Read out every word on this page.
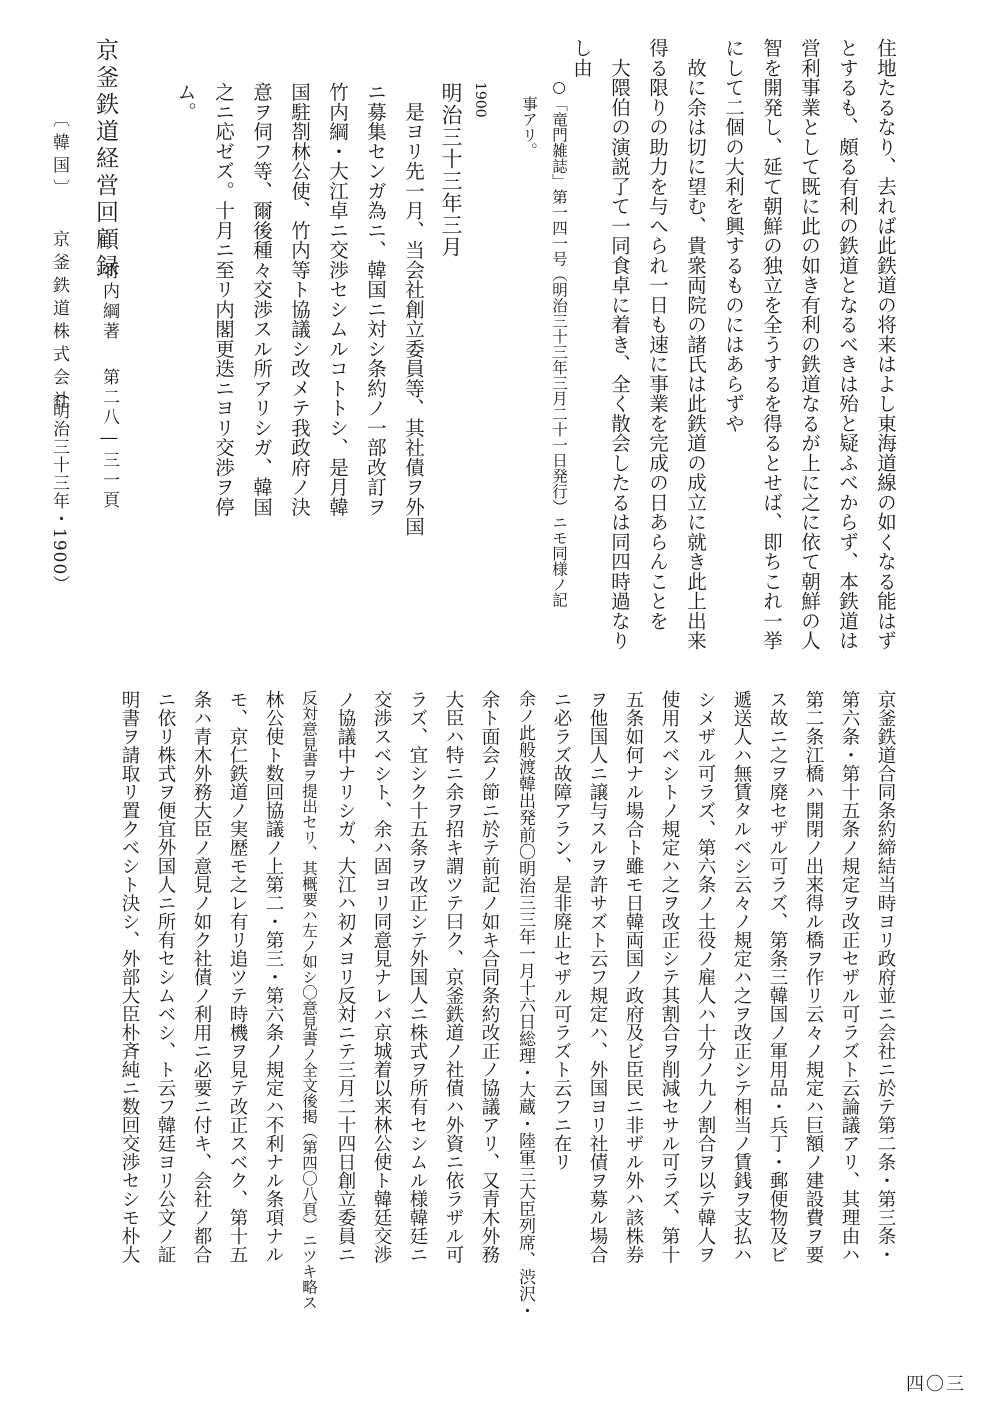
住地たるなり、去れば此鉄道の将来はよし東海道線の如くなる能はず
とするも、頗る有利の鉄道となるべきは殆と疑ふべからず、本鉄道は
営利事業として既に此の如き有利の鉄道なるが上に之に依て朝鮮の人
智を開発し、延て朝鮮の独立を全うするを得るとせば、即ちこれ一挙
にして二個の大利を興するものにはあらずや
　故に余は切に望む、貴衆両院の諸氏は此鉄道の成立に就き此上出来
得る限りの助力を与へられ一日も速に事業を完成の日あらんことを
　大隈伯の演説了て一同食卓に着き、全く散会したるは同四時過なり
し由
○「竜門雑誌」第一四一号（明治三十三年三月二十一日発行）ニモ同様ノ記
事アリ。
1900
明治三十三年三月
　是ヨリ先一月、当会社創立委員等、其社債ヲ外国
ニ募集センガ為ニ、韓国ニ対シ条約ノ一部改訂ヲ
竹内綱・大江卓ニ交渉セシムルコトトシ、是月韓
国駐剳林公使、竹内等ト協議シ改メテ我政府ノ決
意ヲ伺フ等、爾後種々交渉スル所アリシガ、韓国
之ニ応ゼズ。十月ニ至リ内閣更迭ニヨリ交渉ヲ停
ム。
京釜鉄道経営回顧録
竹内綱著
第二八―三一頁
〔韓国〕
京釜鉄道株式会社
（明治三十三年・1900）
京釜鉄道合同条約締結当時ヨリ政府並ニ会社ニ於テ第二条・第三条・
第六条・第十五条ノ規定ヲ改正セザル可ラズト云論議アリ、其理由ハ
第二条江橋ハ開閉ノ出来得ル橋ヲ作リ云々ノ規定ハ巨額ノ建設費ヲ要
ス故ニ之ヲ廃セザル可ラズ、第条三韓国ノ軍用品・兵丁・郵便物及ビ
遞送人ハ無賃タルベシ云々ノ規定ハ之ヲ改正シテ相当ノ賃銭ヲ支払ハ
シメザル可ラズ、第六条ノ土役ノ雇人ハ十分ノ九ノ割合ヲ以テ韓人ヲ
使用スベシトノ規定ハ之ヲ改正シテ其割合ヲ削減セサル可ラズ、第十
五条如何ナル場合ト雖モ日韓両国ノ政府及ビ臣民ニ非ザル外ハ該株券
ヲ他国人ニ譲与スルヲ許サズト云フ規定ハ、外国ヨリ社債ヲ募ル場合
ニ必ラズ故障アラン、是非廃止セザル可ラズト云フニ在リ
余ノ此般渡韓出発前〇明治三三年一月十六日総理・大蔵・陸軍三大臣列席、渋沢・
余ト面会ノ節ニ於テ前記ノ如キ合同条約改正ノ協議アリ、又青木外務
大臣ハ特ニ余ヲ招キ謂ツテ曰ク、京釜鉄道ノ社債ハ外資ニ依ラザル可
ラズ、宜シク十五条ヲ改正シテ外国人ニ株式ヲ所有セシムル様韓廷ニ
交渉スベシト、余ハ固ヨリ同意見ナレバ京城着以来林公使ト韓廷交渉
ノ協議中ナリシガ、大江ハ初メヨリ反対ニテ三月二十四日創立委員ニ
反対意見書ヲ提出セリ、其概要ハ左ノ如シ〇意見書ノ全文後掲（第四〇八頁）ニツキ略ス
林公使ト数回協議ノ上第二・第三・第六条ノ規定ハ不利ナル条項ナル
モ、京仁鉄道ノ実歴モ之レ有リ追ツテ時機ヲ見テ改正スベク、第十五
条ハ青木外務大臣ノ意見ノ如ク社債ノ利用ニ必要ニ付キ、会社ノ都合
ニ依リ株式ヲ便宜外国人ニ所有セシムベシ、ト云フ韓廷ヨリ公文ノ証
明書ヲ請取リ置クベシト決シ、外部大臣朴斉純ニ数回交渉セシモ朴大
四〇三
